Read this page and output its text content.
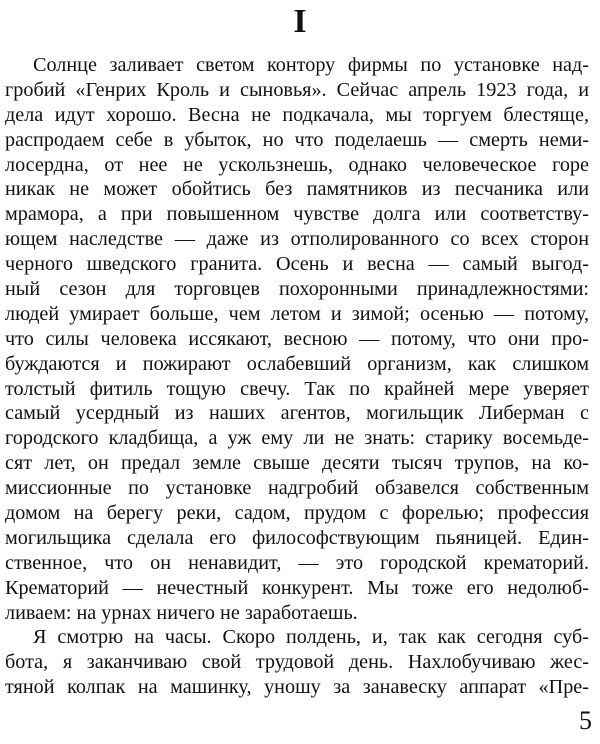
I
Солнце заливает светом контору фирмы по установке над-
гробий «Генрих Кроль и сыновья». Сейчас апрель 1923 года, и
дела идут хорошо. Весна не подкачала, мы торгуем блестяще,
распродаем себе в убыток, но что поделаешь — смерть неми-
лосердна, от нее не ускользнешь, однако человеческое горе
никак не может обойтись без памятников из песчаника или
мрамора, а при повышенном чувстве долга или соответству-
ющем наследстве — даже из отполированного со всех сторон
черного шведского гранита. Осень и весна — самый выгод-
ный сезон для торговцев похоронными принадлежностями:
людей умирает больше, чем летом и зимой; осенью — потому,
что силы человека иссякают, весною — потому, что они про-
буждаются и пожирают ослабевший организм, как слишком
толстый фитиль тощую свечу. Так по крайней мере уверяет
самый усердный из наших агентов, могильщик Либерман с
городского кладбища, а уж ему ли не знать: старику восемьде-
сят лет, он предал земле свыше десяти тысяч трупов, на ко-
миссионные по установке надгробий обзавелся собственным
домом на берегу реки, садом, прудом с форелью; профессия
могильщика сделала его философствующим пьяницей. Един-
ственное, что он ненавидит, — это городской крематорий.
Крематорий — нечестный конкурент. Мы тоже его недолюб-
ливаем: на урнах ничего не заработаешь.
Я смотрю на часы. Скоро полдень, и, так как сегодня суб-
бота, я заканчиваю свой трудовой день. Нахлобучиваю жес-
тяной колпак на машинку, уношу за занавеску аппарат «Пре-
5
